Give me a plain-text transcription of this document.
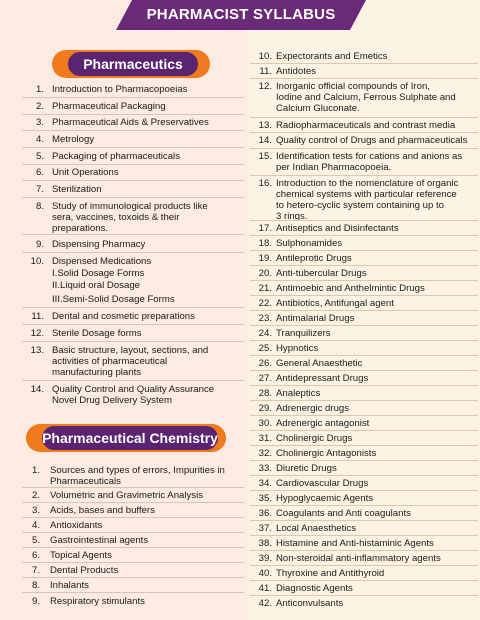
PHARMACIST SYLLABUS
Pharmaceutics
1. Introduction to Pharmacopoeias
2. Pharmaceutical Packaging
3. Pharmaceutical Aids & Preservatives
4. Metrology
5. Packaging of pharmaceuticals
6. Unit Operations
7. Sterilization
8. Study of immunological products like
sera, vaccines, toxoids & their
preparations.
9. Dispensing Pharmacy
10. Dispensed Medications
11. Dental and cosmetic preparations
12. Sterile Dosage forms
13. Basic structure, layout, sections, and
activities of pharmaceutical
manufacturing plants
14. Quality Control and Quality Assurance
Novel Drug Delivery System
I.Solid Dosage Forms
II.Liquid oral Dosage
III.Semi-Solid Dosage Forms
Pharmaceutical Chemistry
1. Sources and types of errors, Impurities in
Pharmaceuticals
2. Volumetric and Gravimetric Analysis
3. Acids, bases and buffers
4. Antioxidants
5. Gastrointestinal agents
6. Topical Agents
7. Dental Products
8. Inhalants
9. Respiratory stimulants
10. Expectorants and Emetics
11. Antidotes
12. Inorganic official compounds of Iron,
Iodine and Calcium, Ferrous Sulphate and
Calcium Gluconate.
13. Radiopharmaceuticals and contrast media
14. Quality control of Drugs and pharmaceuticals
15. Identification tests for cations and anions as
per Indian Pharmacopoeia.
16. Introduction to the nomenclature of organic
chemical systems with particular reference
to hetero-cyclic system containing up to
3 rings.
17. Antiseptics and Disinfectants
18. Sulphonamides
19. Antileprotic Drugs
20. Anti-tubercular Drugs
21. Antimoebic and Anthelmintic Drugs
22. Antibiotics, Antifungal agent
23. Antimalarial Drugs
24. Tranquilizers
25. Hypnotics
26. General Anaesthetic
27. Antidepressant Drugs
28. Analeptics
29. Adrenergic drugs
30. Adrenergic antagonist
31. Cholinergic Drugs
32. Cholinergic Antagonists
33. Diuretic Drugs
34. Cardiovascular Drugs
35. Hypoglycaemic Agents
36. Coagulants and Anti coagulants
37. Local Anaesthetics
38. Histamine and Anti-histaminic Agents
39. Non-steroidal anti-inflammatory agents
40. Thyroxine and Antithyroid
41. Diagnostic Agents
42. Anticonvulsants
